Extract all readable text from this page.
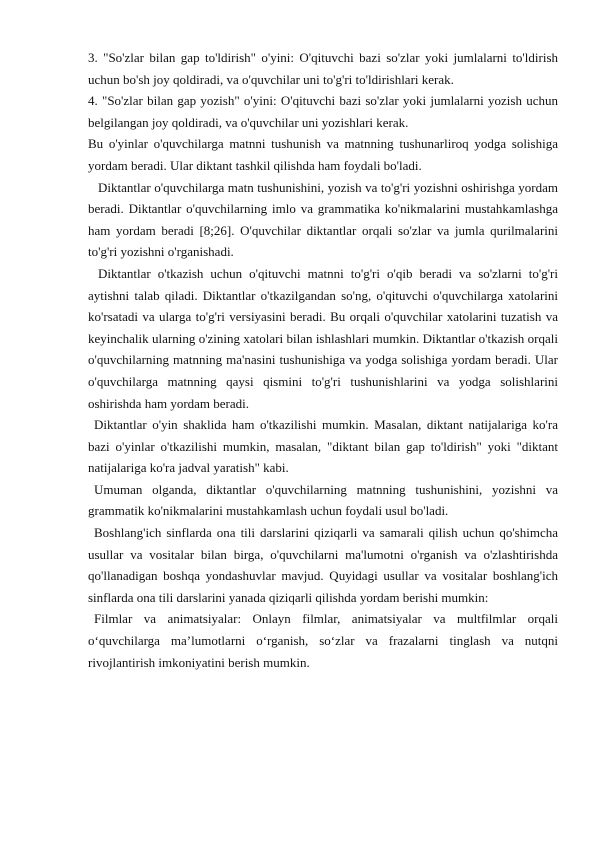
3. "So'zlar bilan gap to'ldirish" o'yini: O'qituvchi bazi so'zlar yoki jumlalarni to'ldirish uchun bo'sh joy qoldiradi, va o'quvchilar uni to'g'ri to'ldirishlari kerak.

4. "So'zlar bilan gap yozish" o'yini: O'qituvchi bazi so'zlar yoki jumlalarni yozish uchun belgilangan joy qoldiradi, va o'quvchilar uni yozishlari kerak.

Bu o'yinlar o'quvchilarga matnni tushunish va matnning tushunarliroq yodga solishiga yordam beradi. Ular diktant tashkil qilishda ham foydali bo'ladi.

Diktantlar o'quvchilarga matn tushunishini, yozish va to'g'ri yozishni oshirishga yordam beradi. Diktantlar o'quvchilarning imlo va grammatika ko'nikmalarini mustahkamlashga ham yordam beradi [8;26]. O'quvchilar diktantlar orqali so'zlar va jumla qurilmalarini to'g'ri yozishni o'rganishadi.

Diktantlar o'tkazish uchun o'qituvchi matnni to'g'ri o'qib beradi va so'zlarni to'g'ri aytishni talab qiladi. Diktantlar o'tkazilgandan so'ng, o'qituvchi o'quvchilarga xatolarini ko'rsatadi va ularga to'g'ri versiyasini beradi. Bu orqali o'quvchilar xatolarini tuzatish va keyinchalik ularning o'zining xatolari bilan ishlashlari mumkin. Diktantlar o'tkazish orqali o'quvchilarning matnning ma'nasini tushunishiga va yodga solishiga yordam beradi. Ular o'quvchilarga matnning qaysi qismini to'g'ri tushunishlarini va yodga solishlarini oshirishda ham yordam beradi.

Diktantlar o'yin shaklida ham o'tkazilishi mumkin. Masalan, diktant natijalariga ko'ra bazi o'yinlar o'tkazilishi mumkin, masalan, "diktant bilan gap to'ldirish" yoki "diktant natijalariga ko'ra jadval yaratish" kabi.

Umuman olganda, diktantlar o'quvchilarning matnning tushunishini, yozishni va grammatik ko'nikmalarini mustahkamlash uchun foydali usul bo'ladi.

Boshlang'ich sinflarda ona tili darslarini qiziqarli va samarali qilish uchun qo'shimcha usullar va vositalar bilan birga, o'quvchilarni ma'lumotni o'rganish va o'zlashtirishda qo'llanadigan boshqa yondashuvlar mavjud. Quyidagi usullar va vositalar boshlang'ich sinflarda ona tili darslarini yanada qiziqarli qilishda yordam berishi mumkin:

Filmlar va animatsiyalar: Onlayn filmlar, animatsiyalar va multfilmlar orqali o‘quvchilarga ma’lumotlarni o‘rganish, so‘zlar va frazalarni tinglash va nutqni rivojlantirish imkoniyatini berish mumkin.
